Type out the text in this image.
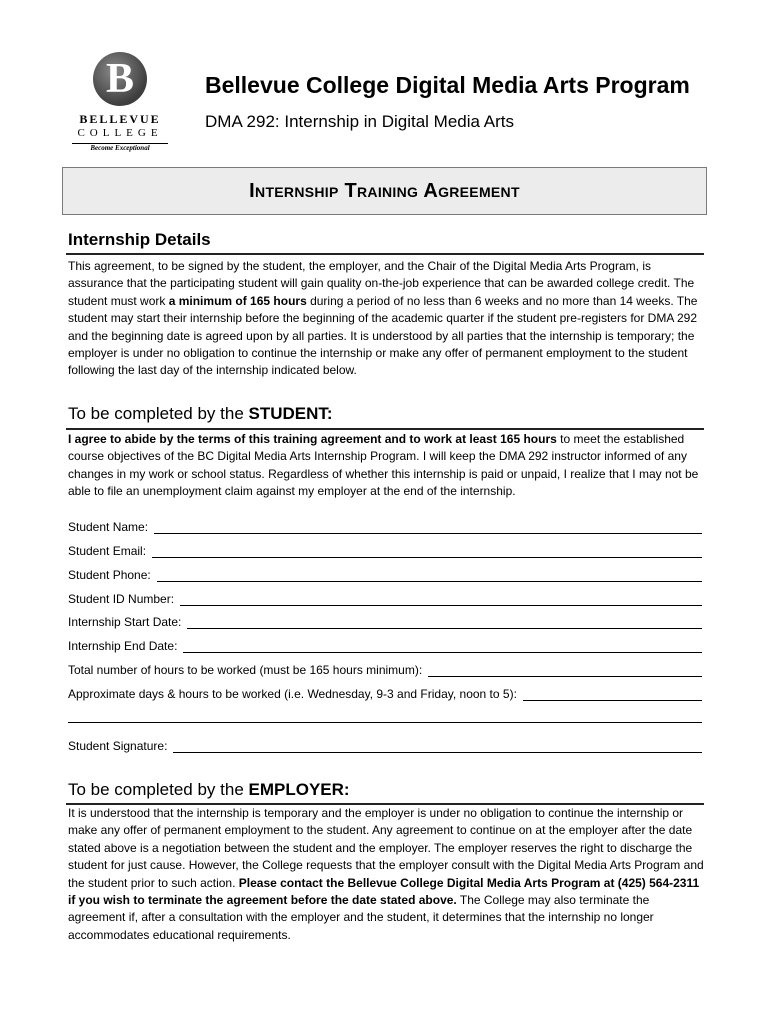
B
BELLEVUE
COLLEGE
Become Exceptional
Bellevue College Digital Media Arts Program
DMA 292: Internship in Digital Media Arts
Internship Training Agreement
Internship Details
This agreement, to be signed by the student, the employer, and the Chair of the Digital Media Arts Program, is assurance that the participating student will gain quality on-the-job experience that can be awarded college credit. The student must work a minimum of 165 hours during a period of no less than 6 weeks and no more than 14 weeks. The student may start their internship before the beginning of the academic quarter if the student pre-registers for DMA 292 and the beginning date is agreed upon by all parties. It is understood by all parties that the internship is temporary; the employer is under no obligation to continue the internship or make any offer of permanent employment to the student following the last day of the internship indicated below.
To be completed by the STUDENT:
I agree to abide by the terms of this training agreement and to work at least 165 hours to meet the established course objectives of the BC Digital Media Arts Internship Program. I will keep the DMA 292 instructor informed of any changes in my work or school status. Regardless of whether this internship is paid or unpaid, I realize that I may not be able to file an unemployment claim against my employer at the end of the internship.
Student Name:
Student Email:
Student Phone:
Student ID Number:
Internship Start Date:
Internship End Date:
Total number of hours to be worked (must be 165 hours minimum):
Approximate days & hours to be worked (i.e. Wednesday, 9-3 and Friday, noon to 5):
Student Signature:
To be completed by the EMPLOYER:
It is understood that the internship is temporary and the employer is under no obligation to continue the internship or make any offer of permanent employment to the student. Any agreement to continue on at the employer after the date stated above is a negotiation between the student and the employer. The employer reserves the right to discharge the student for just cause. However, the College requests that the employer consult with the Digital Media Arts Program and the student prior to such action. Please contact the Bellevue College Digital Media Arts Program at (425) 564-2311 if you wish to terminate the agreement before the date stated above. The College may also terminate the agreement if, after a consultation with the employer and the student, it determines that the internship no longer accommodates educational requirements.
